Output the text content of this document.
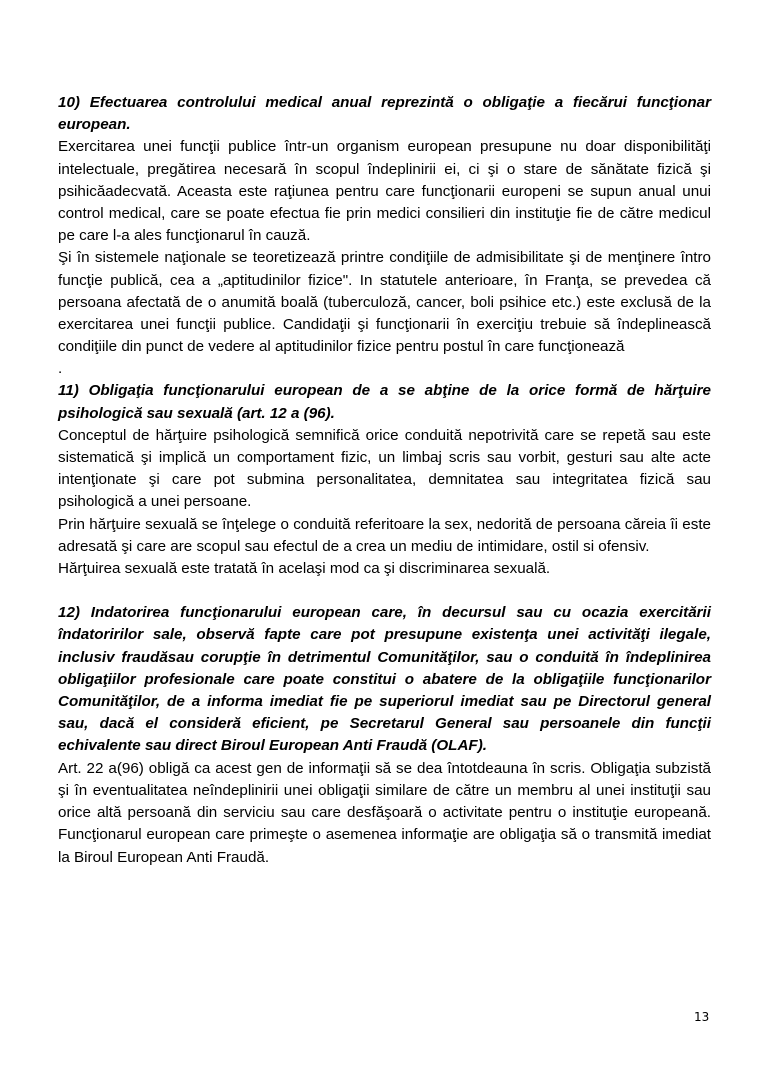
10) Efectuarea controlului medical anual reprezintă o obligaţie a fiecărui funcţionar european.

Exercitarea unei funcţii publice într-un organism european presupune nu doar disponibilităţi intelectuale, pregătirea necesară în scopul îndeplinirii ei, ci şi o stare de sănătate fizică şi psihicăadecvată. Aceasta este raţiunea pentru care funcţionarii europeni se supun anual unui control medical, care se poate efectua fie prin medici consilieri din instituţie fie de către medicul pe care l-a ales funcţionarul în cauză.

Şi în sistemele naţionale se teoretizează printre condiţiile de admisibilitate şi de menţinere întro funcţie publică, cea a „aptitudinilor fizice". In statutele anterioare, în Franţa, se prevedea că persoana afectată de o anumită boală (tuberculoză, cancer, boli psihice etc.) este exclusă de la exercitarea unei funcţii publice. Candidaţii şi funcţionarii în exerciţiu trebuie să îndeplinească condiţiile din punct de vedere al aptitudinilor fizice pentru postul în care funcţionează

.

11) Obligaţia funcţionarului european de a se abţine de la orice formă de hărţuire psihologică sau sexuală (art. 12 a (96).

Conceptul de hărţuire psihologică semnifică orice conduită nepotrivită care se repetă sau este sistematică şi implică un comportament fizic, un limbaj scris sau vorbit, gesturi sau alte acte intenţionate şi care pot submina personalitatea, demnitatea sau integritatea fizică sau psihologică a unei persoane.

Prin hărţuire sexuală se înţelege o conduită referitoare la sex, nedorită de persoana căreia îi este adresată şi care are scopul sau efectul de a crea un mediu de intimidare, ostil si ofensiv.

Hărţuirea sexuală este tratată în acelaşi mod ca şi discriminarea sexuală.

12) Indatorirea funcţionarului european care, în decursul sau cu ocazia exercitării îndatoririlor sale, observă fapte care pot presupune existenţa unei activităţi ilegale, inclusiv fraudăsau corupţie în detrimentul Comunităţilor, sau o conduită în îndeplinirea obligaţiilor profesionale care poate constitui o abatere de la obligaţiile funcţionarilor Comunităţilor, de a informa imediat fie pe superiorul imediat sau pe Directorul general sau, dacă el consideră eficient, pe Secretarul General sau persoanele din funcţii echivalente sau direct Biroul European Anti Fraudă (OLAF).

Art. 22 a(96) obligă ca acest gen de informaţii să se dea întotdeauna în scris. Obligaţia subzistă şi în eventualitatea neîndeplinirii unei obligaţii similare de către un membru al unei instituţii sau orice altă persoană din serviciu sau care desfăşoară o activitate pentru o instituţie europeană. Funcţionarul european care primeşte o asemenea informaţie are obligaţia să o transmită imediat la Biroul European Anti Fraudă.

13
